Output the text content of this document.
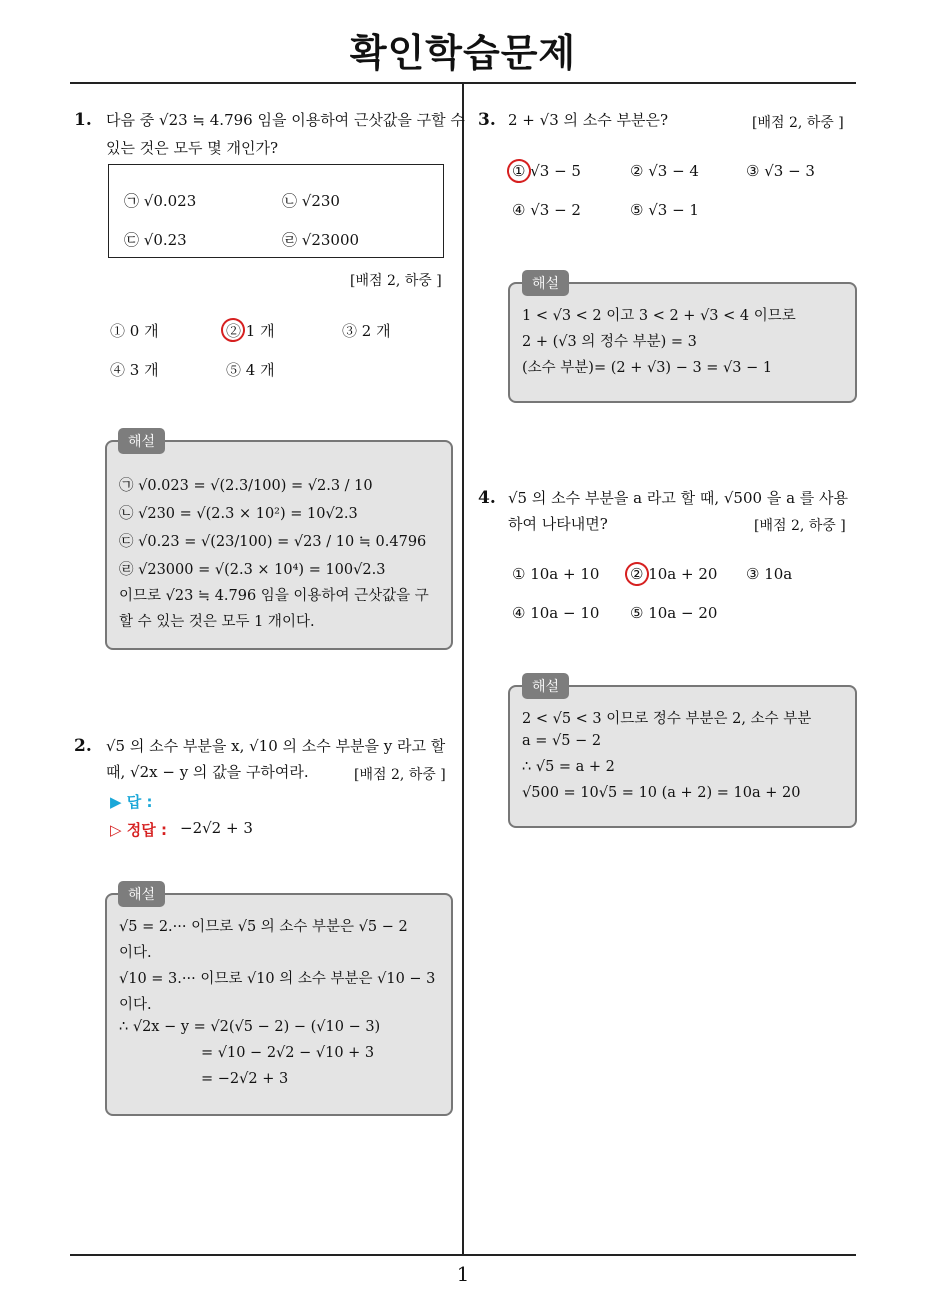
확인학습문제
1
1. 다음 중 √23 ≒ 4.796 임을 이용하여 근삿값을 구할 수
있는 것은 모두 몇 개인가?
㉠ √0.023	㉡ √230
㉢ √0.23	㉣ √23000
[배점 2, 하중 ]
① 0 개	② 1 개	③ 2 개
④ 3 개	⑤ 4 개
해설
㉠ √0.023 = √(2.3/100) = √2.3 / 10
㉡ √230 = √(2.3 × 10²) = 10√2.3
㉢ √0.23 = √(23/100) = √23 / 10 ≒ 0.4796
㉣ √23000 = √(2.3 × 10⁴) = 100√2.3
이므로 √23 ≒ 4.796 임을 이용하여 근삿값을 구
할 수 있는 것은 모두 1 개이다.
2. √5 의 소수 부분을 x, √10 의 소수 부분을 y 라고 할
때, √2x − y 의 값을 구하여라.	[배점 2, 하중 ]
▶ 답 :
▷ 정답 : −2√2 + 3
해설
√5 = 2.··· 이므로 √5 의 소수 부분은 √5 − 2
이다.
√10 = 3.··· 이므로 √10 의 소수 부분은 √10 − 3
이다.
∴ √2x − y = √2(√5 − 2) − (√10 − 3)
= √10 − 2√2 − √10 + 3
= −2√2 + 3
3. 2 + √3 의 소수 부분은?	[배점 2, 하중 ]
① √3 − 5	② √3 − 4	③ √3 − 3
④ √3 − 2	⑤ √3 − 1
해설
1 < √3 < 2 이고 3 < 2 + √3 < 4 이므로
2 + (√3 의 정수 부분) = 3
(소수 부분)= (2 + √3) − 3 = √3 − 1
4. √5 의 소수 부분을 a 라고 할 때, √500 을 a 를 사용
하여 나타내면?	[배점 2, 하중 ]
① 10a + 10 ② 10a + 20 ③ 10a
④ 10a − 10 ⑤ 10a − 20
해설
2 < √5 < 3 이므로 정수 부분은 2, 소수 부분
a = √5 − 2
∴ √5 = a + 2
√500 = 10√5 = 10 (a + 2) = 10a + 20
